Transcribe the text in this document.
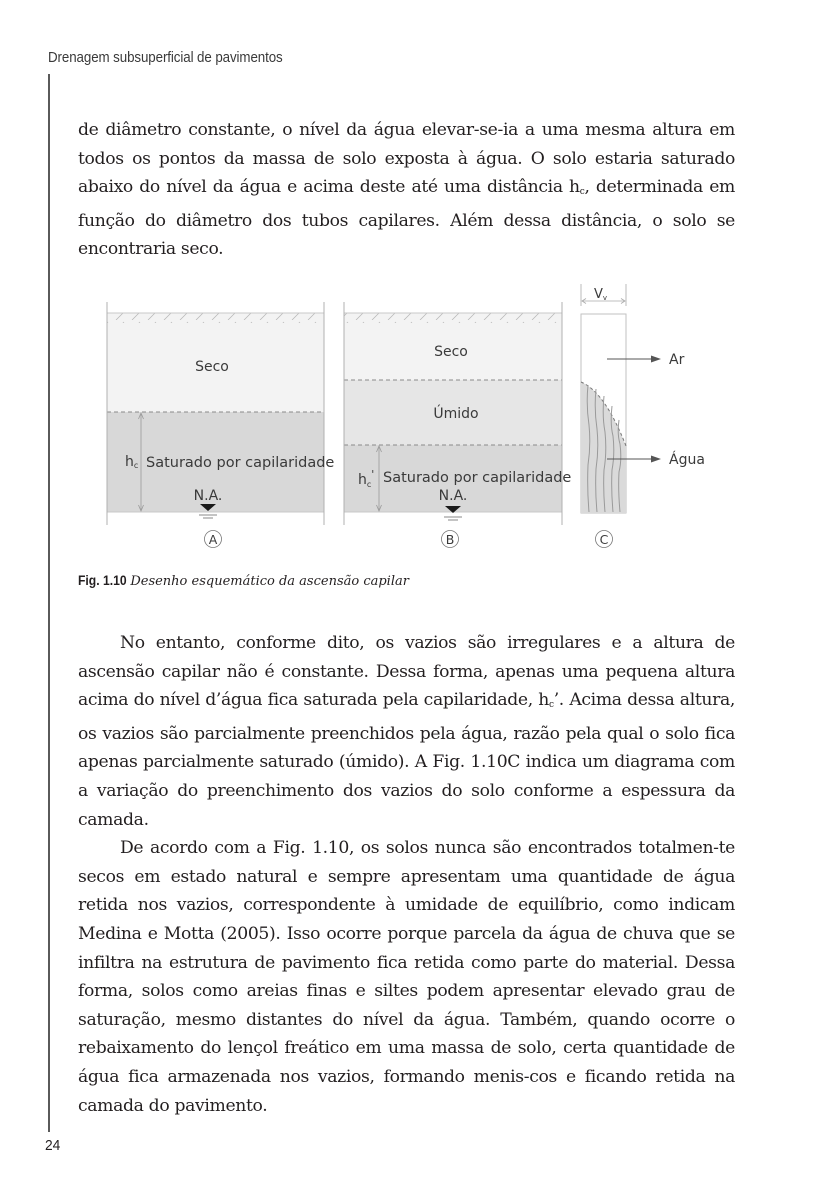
Drenagem subsuperficial de pavimentos

de diâmetro constante, o nível da água elevar-se-ia a uma mesma altura em todos os pontos da massa de solo exposta à água. O solo estaria saturado abaixo do nível da água e acima deste até uma distância $h_c$, determinada em função do diâmetro dos tubos capilares. Além dessa distância, o solo se encontraria seco.

Seco
hc Saturado por capilaridade
N.A.
A
Seco
Úmido
$h_c'$ Saturado por capilaridade
N.A.
B
Vv
Ar
Água
C
Fig. 1.10 Desenho esquemático da ascensão capilar

No entanto, conforme dito, os vazios são irregulares e a altura de ascensão capilar não é constante. Dessa forma, apenas uma pequena altura acima do nível d’água fica saturada pela capilaridade, $h_c$’. Acima dessa altura, os vazios são parcialmente preenchidos pela água, razão pela qual o solo fica apenas parcialmente saturado (úmido). A Fig. 1.10C indica um diagrama com a variação do preenchimento dos vazios do solo conforme a espessura da camada.

De acordo com a Fig. 1.10, os solos nunca são encontrados totalmen-te secos em estado natural e sempre apresentam uma quantidade de água retida nos vazios, correspondente à umidade de equilíbrio, como indicam Medina e Motta (2005). Isso ocorre porque parcela da água de chuva que se infiltra na estrutura de pavimento fica retida como parte do material. Dessa forma, solos como areias finas e siltes podem apresentar elevado grau de saturação, mesmo distantes do nível da água. Também, quando ocorre o rebaixamento do lençol freático em uma massa de solo, certa quantidade de água fica armazenada nos vazios, formando menis-cos e ficando retida na camada do pavimento.

24
